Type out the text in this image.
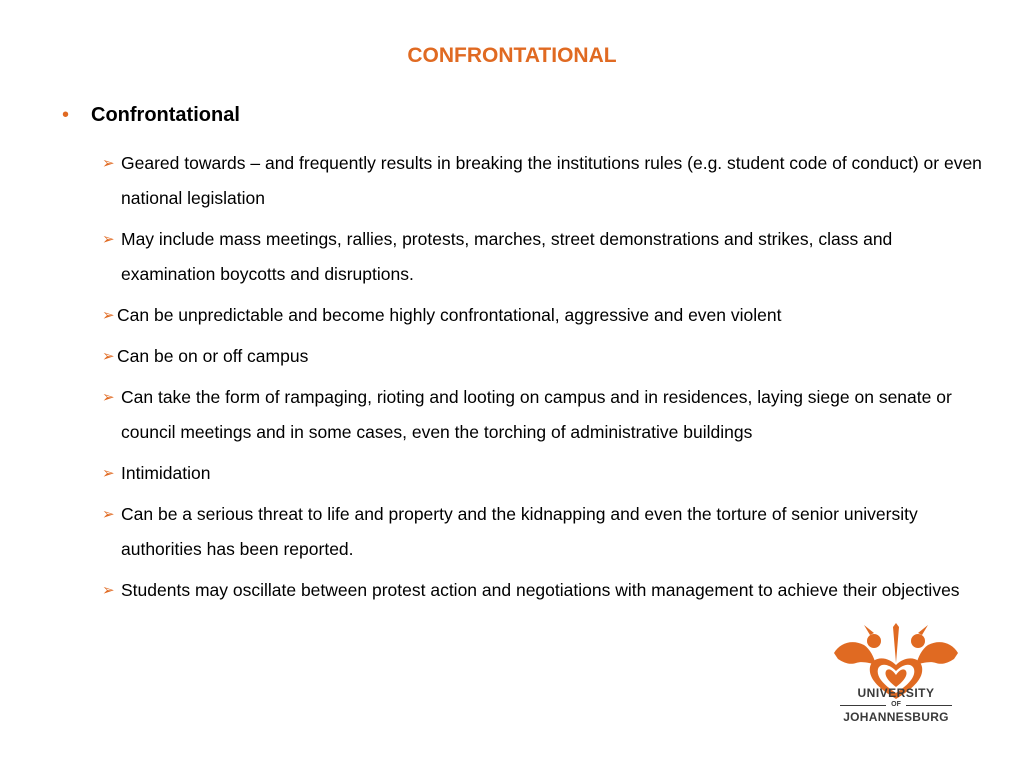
CONFRONTATIONAL
• Confrontational
➢ Geared towards – and frequently results in breaking the institutions rules (e.g. student code of conduct) or even national legislation
➢ May include mass meetings, rallies, protests, marches, street demonstrations and strikes, class and examination boycotts and disruptions.
➢ Can be unpredictable and become highly confrontational, aggressive and even violent
➢ Can be on or off campus
➢ Can take the form of rampaging, rioting and looting on campus and in residences, laying siege on senate or council meetings and in some cases, even the torching of administrative buildings
➢ Intimidation
➢ Can be a serious threat to life and property and the kidnapping and even the torture of senior university authorities has been reported.
➢ Students may oscillate between protest action and negotiations with management to achieve their objectives
UNIVERSITY
OF
JOHANNESBURG
